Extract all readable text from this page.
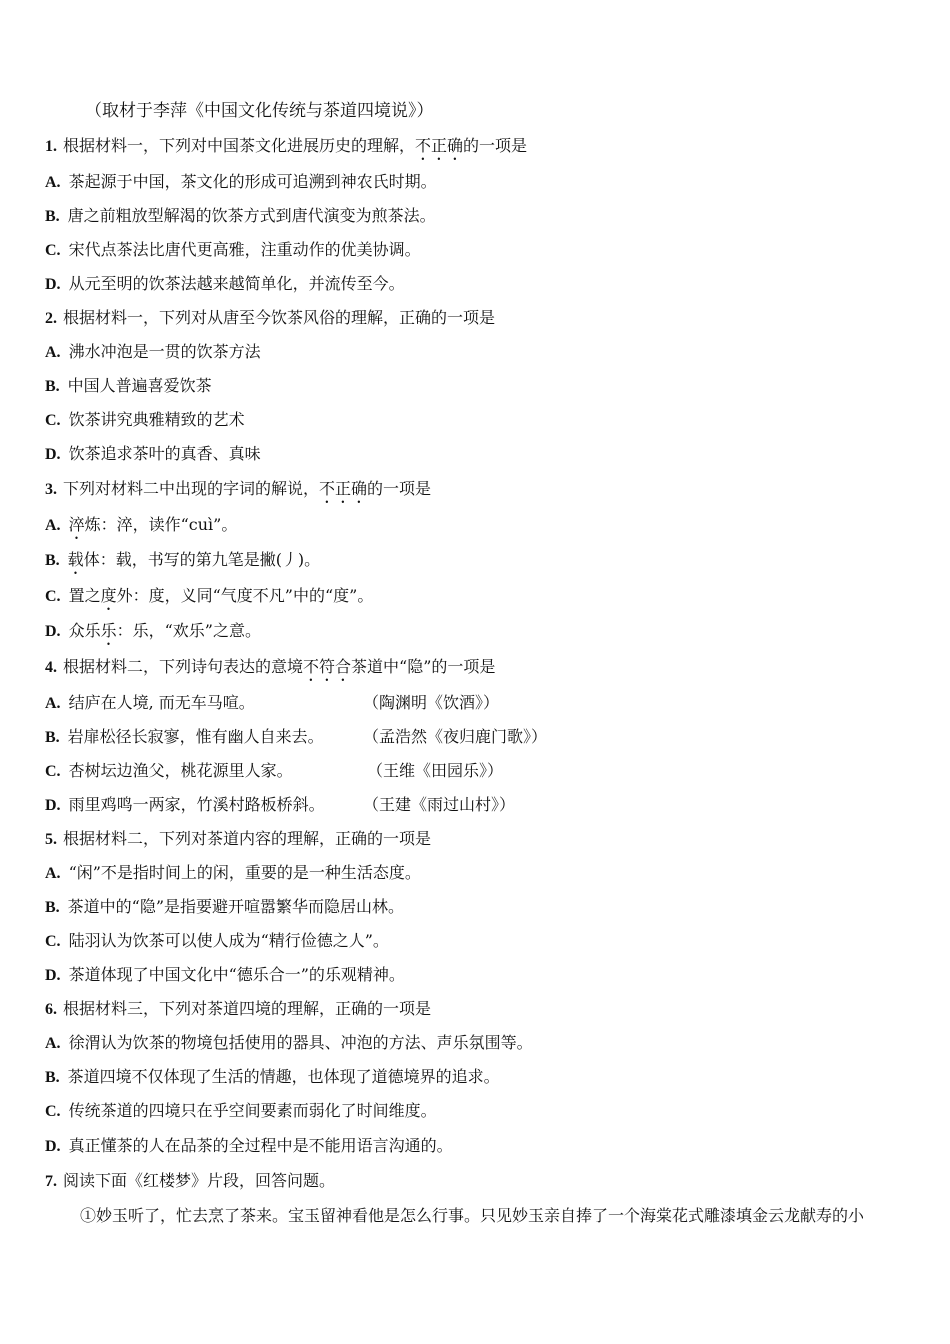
（取材于李萍《中国文化传统与茶道四境说》）
1. 根据材料一，下列对中国茶文化进展历史的理解，不正确的一项是
A. 茶起源于中国，茶文化的形成可追溯到神农氏时期。
B. 唐之前粗放型解渴的饮茶方式到唐代演变为煎茶法。
C. 宋代点茶法比唐代更高雅，注重动作的优美协调。
D. 从元至明的饮茶法越来越简单化，并流传至今。
2. 根据材料一，下列对从唐至今饮茶风俗的理解，正确的一项是
A. 沸水冲泡是一贯的饮茶方法
B. 中国人普遍喜爱饮茶
C. 饮茶讲究典雅精致的艺术
D. 饮茶追求茶叶的真香、真味
3. 下列对材料二中出现的字词的解说，不正确的一项是
A. 淬炼：淬，读作“cuì”。
B. 载体：载，书写的第九笔是撇(丿)。
C. 置之度外：度，义同“气度不凡”中的“度”。
D. 众乐乐：乐，“欢乐”之意。
4. 根据材料二，下列诗句表达的意境不符合茶道中“隐”的一项是
A. 结庐在人境, 而无车马喧。	（陶渊明《饮酒》）
B. 岩扉松径长寂寥，惟有幽人自来去。 （孟浩然《夜归鹿门歌》）
C. 杏树坛边渔父，桃花源里人家。	（王维《田园乐》）
D. 雨里鸡鸣一两家，竹溪村路板桥斜。 （王建《雨过山村》）
5. 根据材料二，下列对茶道内容的理解，正确的一项是
A. “闲”不是指时间上的闲，重要的是一种生活态度。
B. 茶道中的“隐”是指要避开喧嚣繁华而隐居山林。
C. 陆羽认为饮茶可以使人成为“精行俭德之人”。
D. 茶道体现了中国文化中“德乐合一”的乐观精神。
6. 根据材料三，下列对茶道四境的理解，正确的一项是
A. 徐渭认为饮茶的物境包括使用的器具、冲泡的方法、声乐氛围等。
B. 茶道四境不仅体现了生活的情趣，也体现了道德境界的追求。
C. 传统茶道的四境只在乎空间要素而弱化了时间维度。
D. 真正懂茶的人在品茶的全过程中是不能用语言沟通的。
7. 阅读下面《红楼梦》片段，回答问题。
①妙玉听了，忙去烹了茶来。宝玉留神看他是怎么行事。只见妙玉亲自捧了一个海棠花式雕漆填金云龙献寿的小
